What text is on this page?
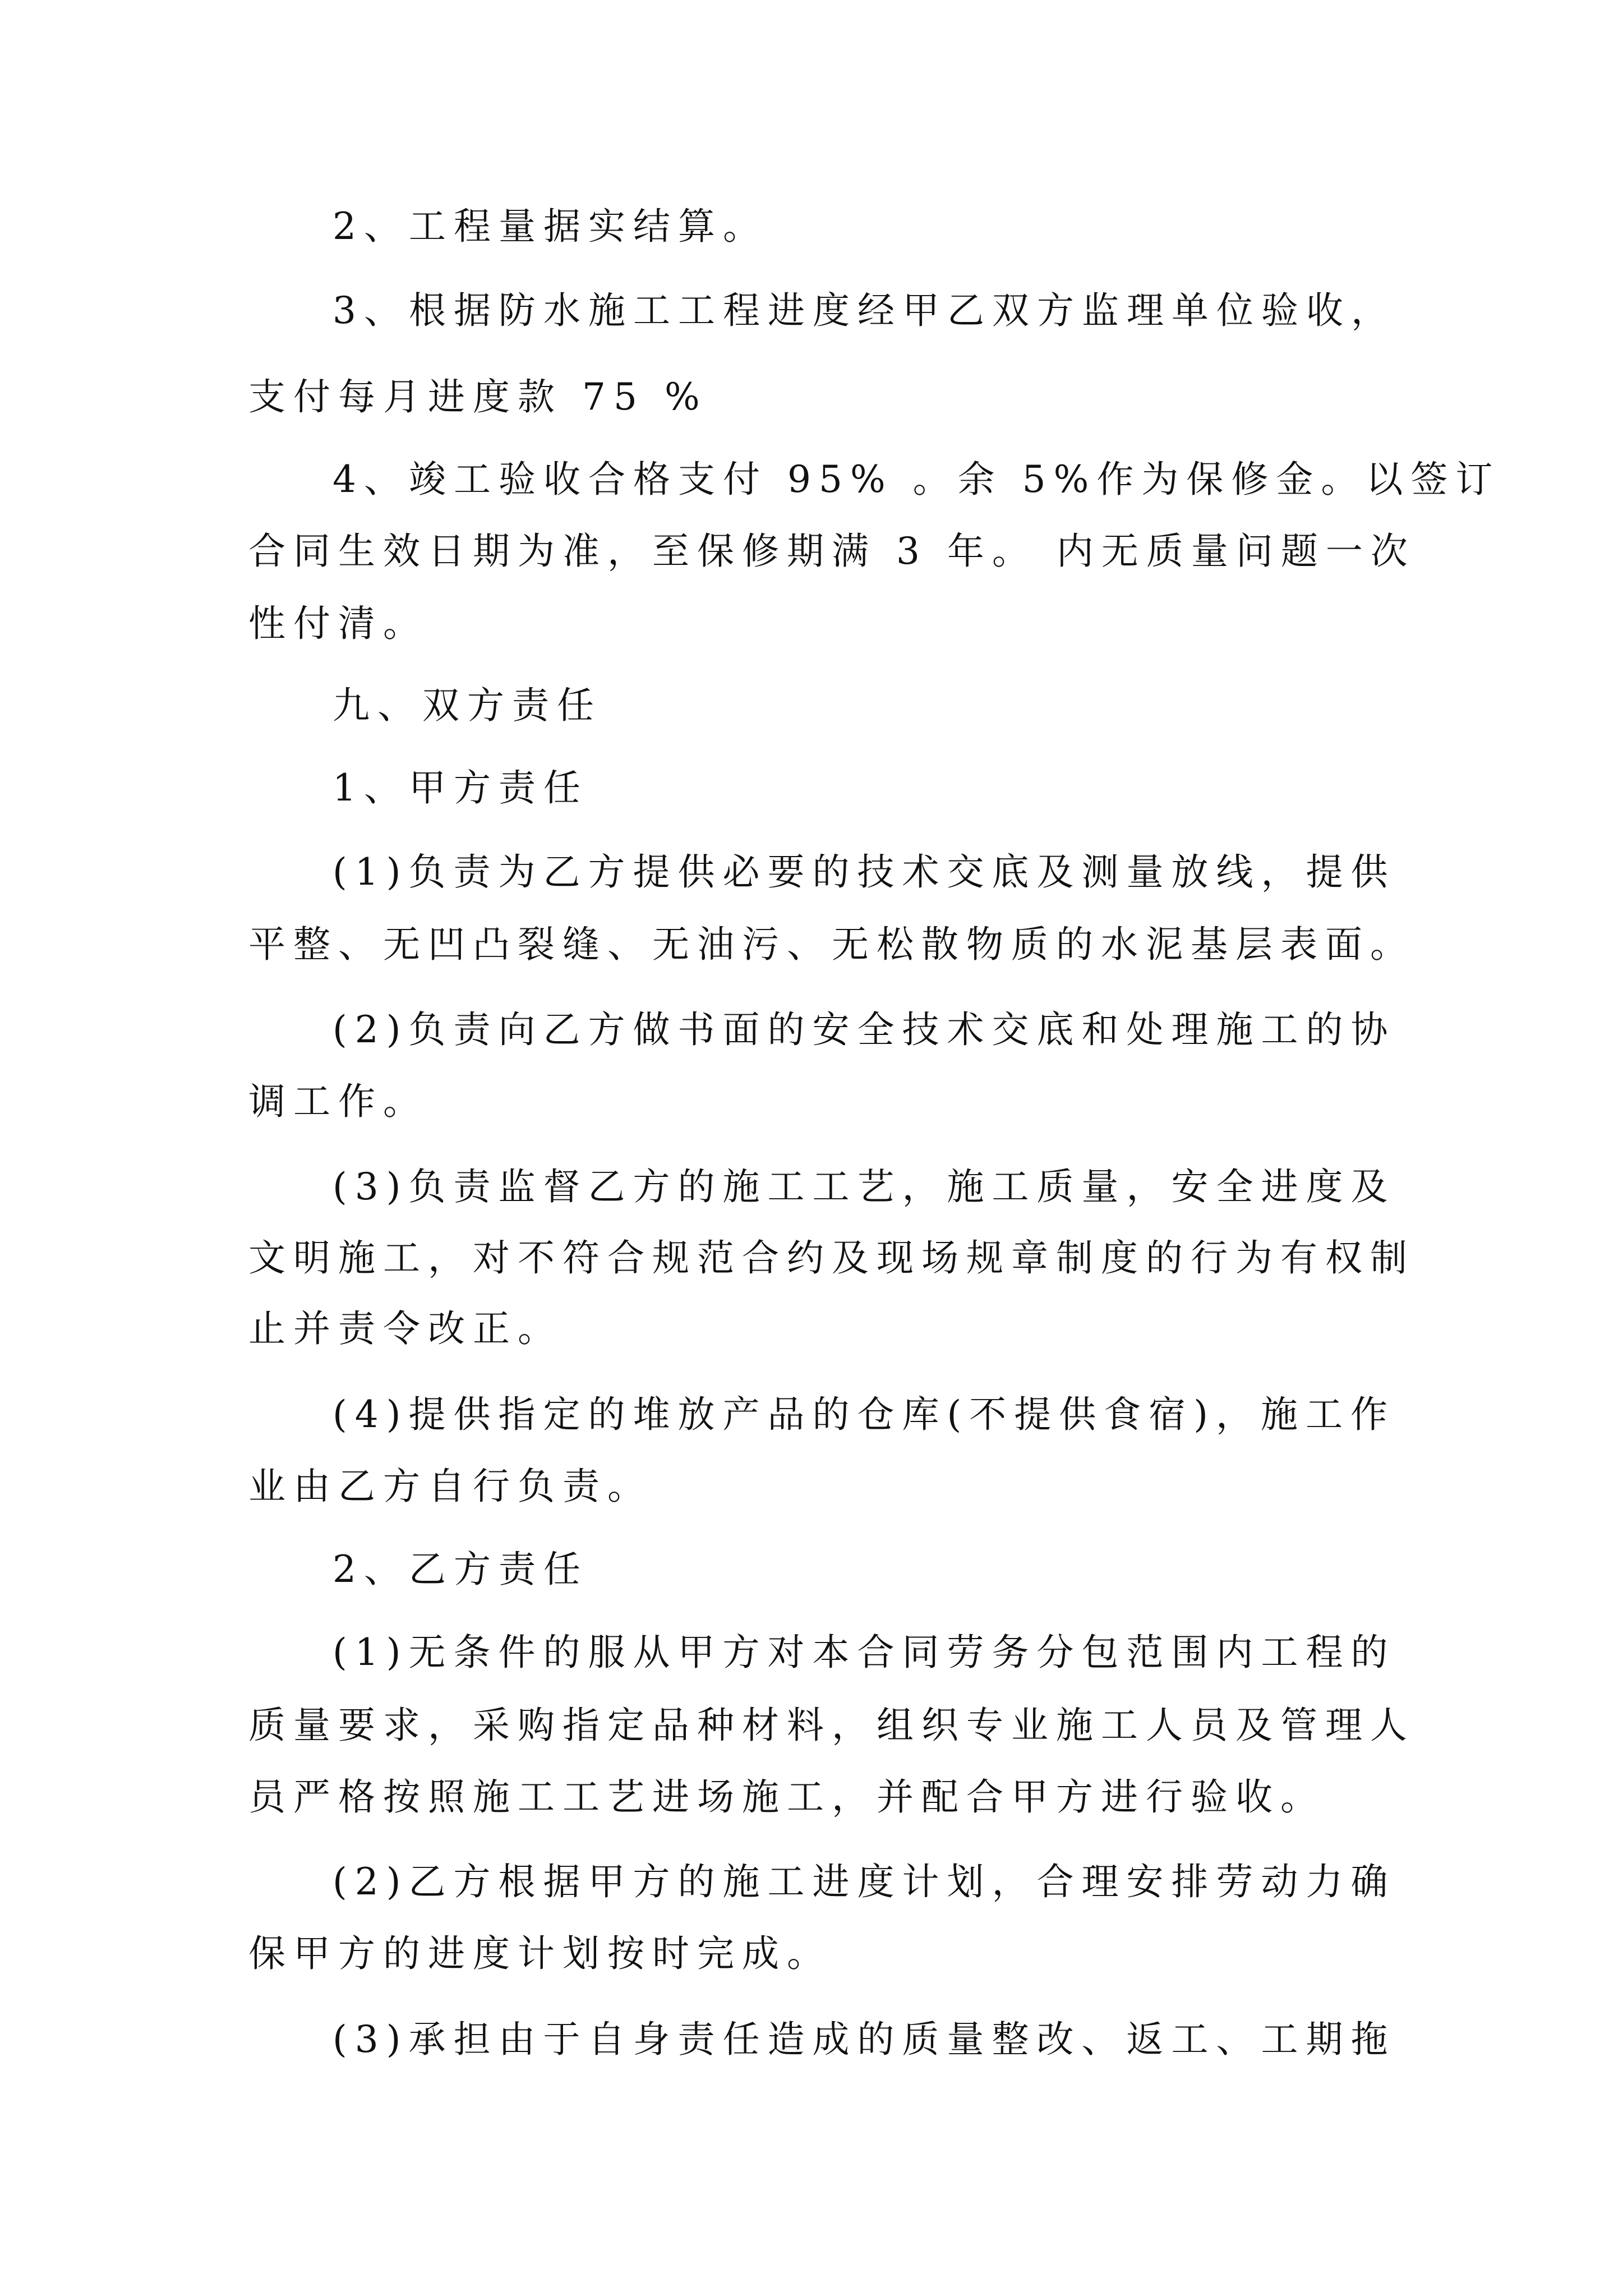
2、工程量据实结算。
3、根据防水施工工程进度经甲乙双方监理单位验收，
支付每月进度款 75 %
4、竣工验收合格支付 95% 。余 5%作为保修金。以签订
合同生效日期为准，至保修期满 3 年。 内无质量问题一次
性付清。
九、双方责任
1、甲方责任
(1)负责为乙方提供必要的技术交底及测量放线，提供
平整、无凹凸裂缝、无油污、无松散物质的水泥基层表面。
(2)负责向乙方做书面的安全技术交底和处理施工的协
调工作。
(3)负责监督乙方的施工工艺，施工质量，安全进度及
文明施工，对不符合规范合约及现场规章制度的行为有权制
止并责令改正。
(4)提供指定的堆放产品的仓库(不提供食宿)，施工作
业由乙方自行负责。
2、乙方责任
(1)无条件的服从甲方对本合同劳务分包范围内工程的
质量要求，采购指定品种材料，组织专业施工人员及管理人
员严格按照施工工艺进场施工，并配合甲方进行验收。
(2)乙方根据甲方的施工进度计划，合理安排劳动力确
保甲方的进度计划按时完成。
(3)承担由于自身责任造成的质量整改、返工、工期拖
